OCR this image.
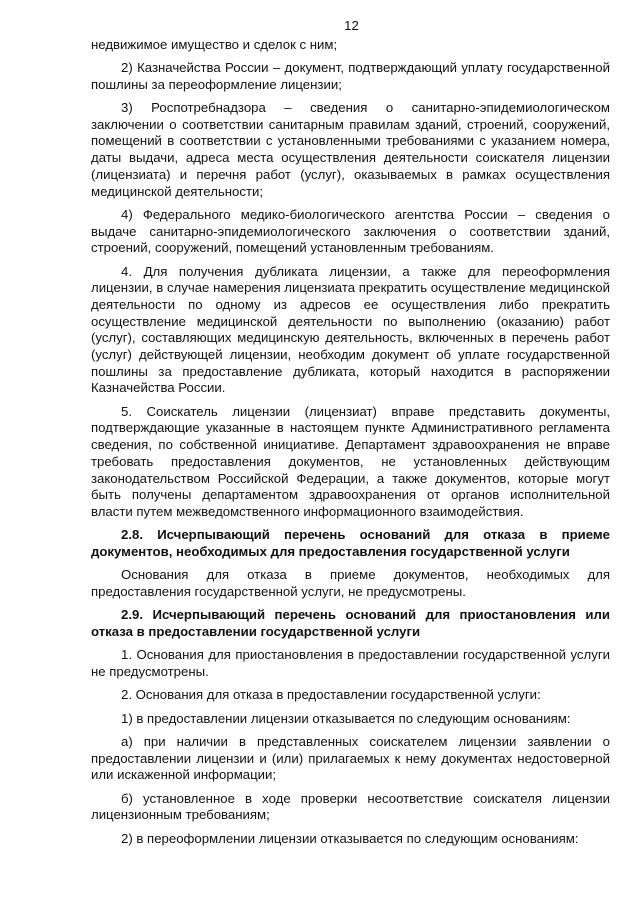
12

недвижимое имущество и сделок с ним;

2) Казначейства России – документ, подтверждающий уплату государственной пошлины за переоформление лицензии;

3) Роспотребнадзора – сведения о санитарно-эпидемиологическом заключении о соответствии санитарным правилам зданий, строений, сооружений, помещений в соответствии с установленными требованиями с указанием номера, даты выдачи, адреса места осуществления деятельности соискателя лицензии (лицензиата) и перечня работ (услуг), оказываемых в рамках осуществления медицинской деятельности;

4) Федерального медико-биологического агентства России – сведения о выдаче санитарно-эпидемиологического заключения о соответствии зданий, строений, сооружений, помещений установленным требованиям.

4. Для получения дубликата лицензии, а также для переоформления лицензии, в случае намерения лицензиата прекратить осуществление медицинской деятельности по одному из адресов ее осуществления либо прекратить осуществление медицинской деятельности по выполнению (оказанию) работ (услуг), составляющих медицинскую деятельность, включенных в перечень работ (услуг) действующей лицензии, необходим документ об уплате государственной пошлины за предоставление дубликата, который находится в распоряжении Казначейства России.

5. Соискатель лицензии (лицензиат) вправе представить документы, подтверждающие указанные в настоящем пункте Административного регламента сведения, по собственной инициативе. Департамент здравоохранения не вправе требовать предоставления документов, не установленных действующим законодательством Российской Федерации, а также документов, которые могут быть получены департаментом здравоохранения от органов исполнительной власти путем межведомственного информационного взаимодействия.

2.8. Исчерпывающий перечень оснований для отказа в приеме документов, необходимых для предоставления государственной услуги

Основания для отказа в приеме документов, необходимых для предоставления государственной услуги, не предусмотрены.

2.9. Исчерпывающий перечень оснований для приостановления или отказа в предоставлении государственной услуги

1. Основания для приостановления в предоставлении государственной услуги не предусмотрены.

2. Основания для отказа в предоставлении государственной услуги:

1) в предоставлении лицензии отказывается по следующим основаниям:

а) при наличии в представленных соискателем лицензии заявлении о предоставлении лицензии и (или) прилагаемых к нему документах недостоверной или искаженной информации;

б) установленное в ходе проверки несоответствие соискателя лицензии лицензионным требованиям;

2) в переоформлении лицензии отказывается по следующим основаниям:
